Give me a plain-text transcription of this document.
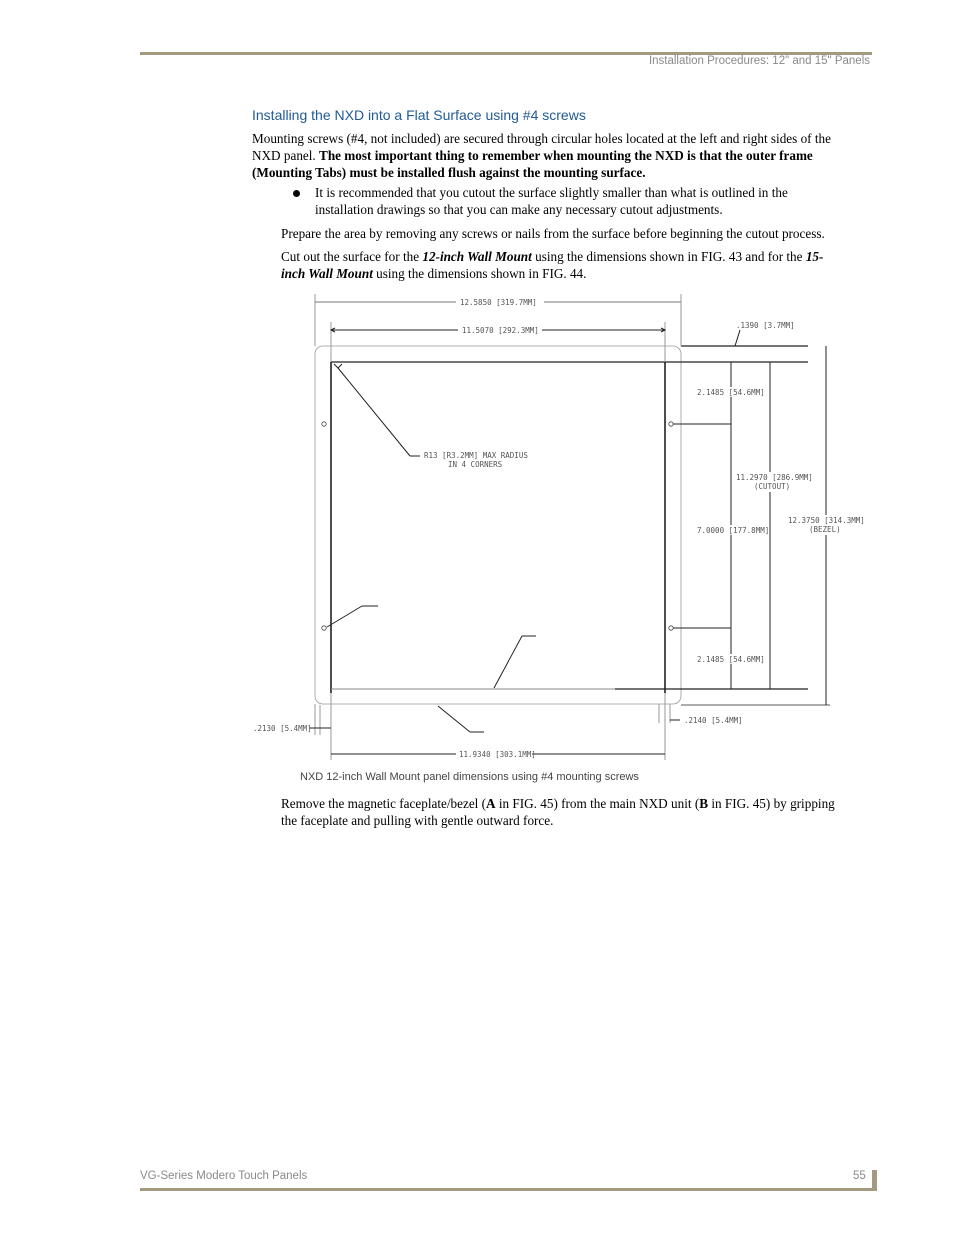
Installation Procedures: 12" and 15" Panels
Installing the NXD into a Flat Surface using #4 screws

Mounting screws (#4, not included) are secured through circular holes located at the left and right sides of the
NXD panel. The most important thing to remember when mounting the NXD is that the outer frame
(Mounting Tabs) must be installed flush against the mounting surface.

It is recommended that you cutout the surface slightly smaller than what is outlined in the
installation drawings so that you can make any necessary cutout adjustments.

Prepare the area by removing any screws or nails from the surface before beginning the cutout process.

Cut out the surface for the 12-inch Wall Mount using the dimensions shown in FIG. 43 and for the 15-
inch Wall Mount using the dimensions shown in FIG. 44.

12.5850 [319.7MM]
11.5070 [292.3MM]
.1390 [3.7MM]
R13 [R3.2MM] MAX RADIUS
IN 4 CORNERS
2.1485 [54.6MM]
11.2970 [286.9MM]
(CUTOUT)
12.3750 [314.3MM]
(BEZEL)
7.0000 [177.8MM]
2.1485 [54.6MM]
.2130 [5.4MM]
.2140 [5.4MM]
11.9340 [303.1MM]
NXD 12-inch Wall Mount panel dimensions using #4 mounting screws

Remove the magnetic faceplate/bezel (A in FIG. 45) from the main NXD unit (B in FIG. 45) by gripping
the faceplate and pulling with gentle outward force.

VG-Series Modero Touch Panels	55
